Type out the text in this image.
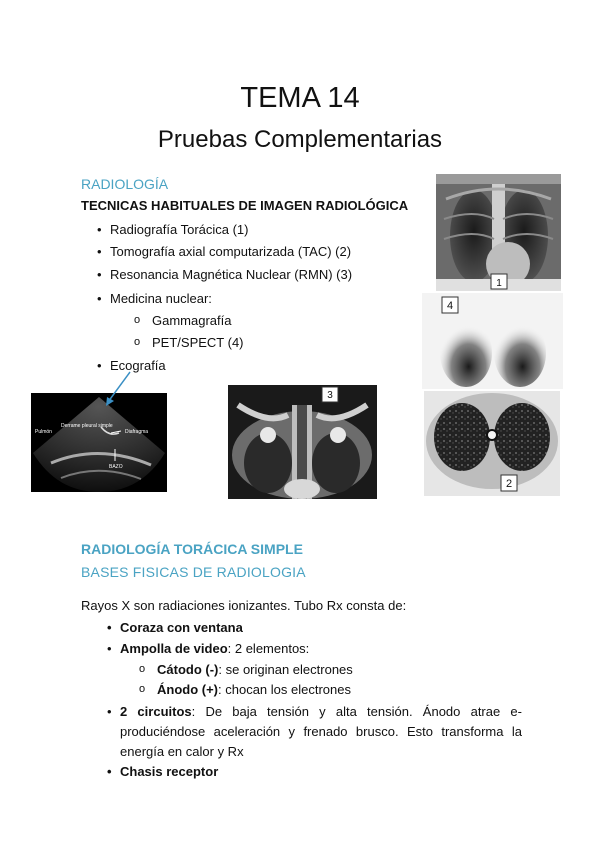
TEMA 14
Pruebas Complementarias
RADIOLOGÍA
TECNICAS HABITUALES DE IMAGEN RADIOLÓGICA
• Radiografía Torácica (1)
• Tomografía axial computarizada (TAC) (2)
• Resonancia Magnética Nuclear (RMN) (3)
• Medicina nuclear:
o Gammagrafía
o PET/SPECT (4)
• Ecografía
1
4
Pulmón
Derrame pleural simple
Diafragma
BAZO
3
2
RADIOLOGÍA TORÁCICA SIMPLE
BASES FISICAS DE RADIOLOGIA
Rayos X son radiaciones ionizantes. Tubo Rx consta de:
• Coraza con ventana
• Ampolla de video: 2 elementos:
o Cátodo (-): se originan electrones
o Ánodo (+): chocan los electrones
• 2 circuitos: De baja tensión y alta tensión. Ánodo atrae e- produciéndose aceleración y frenado brusco. Esto transforma la energía en calor y Rx
• Chasis receptor
